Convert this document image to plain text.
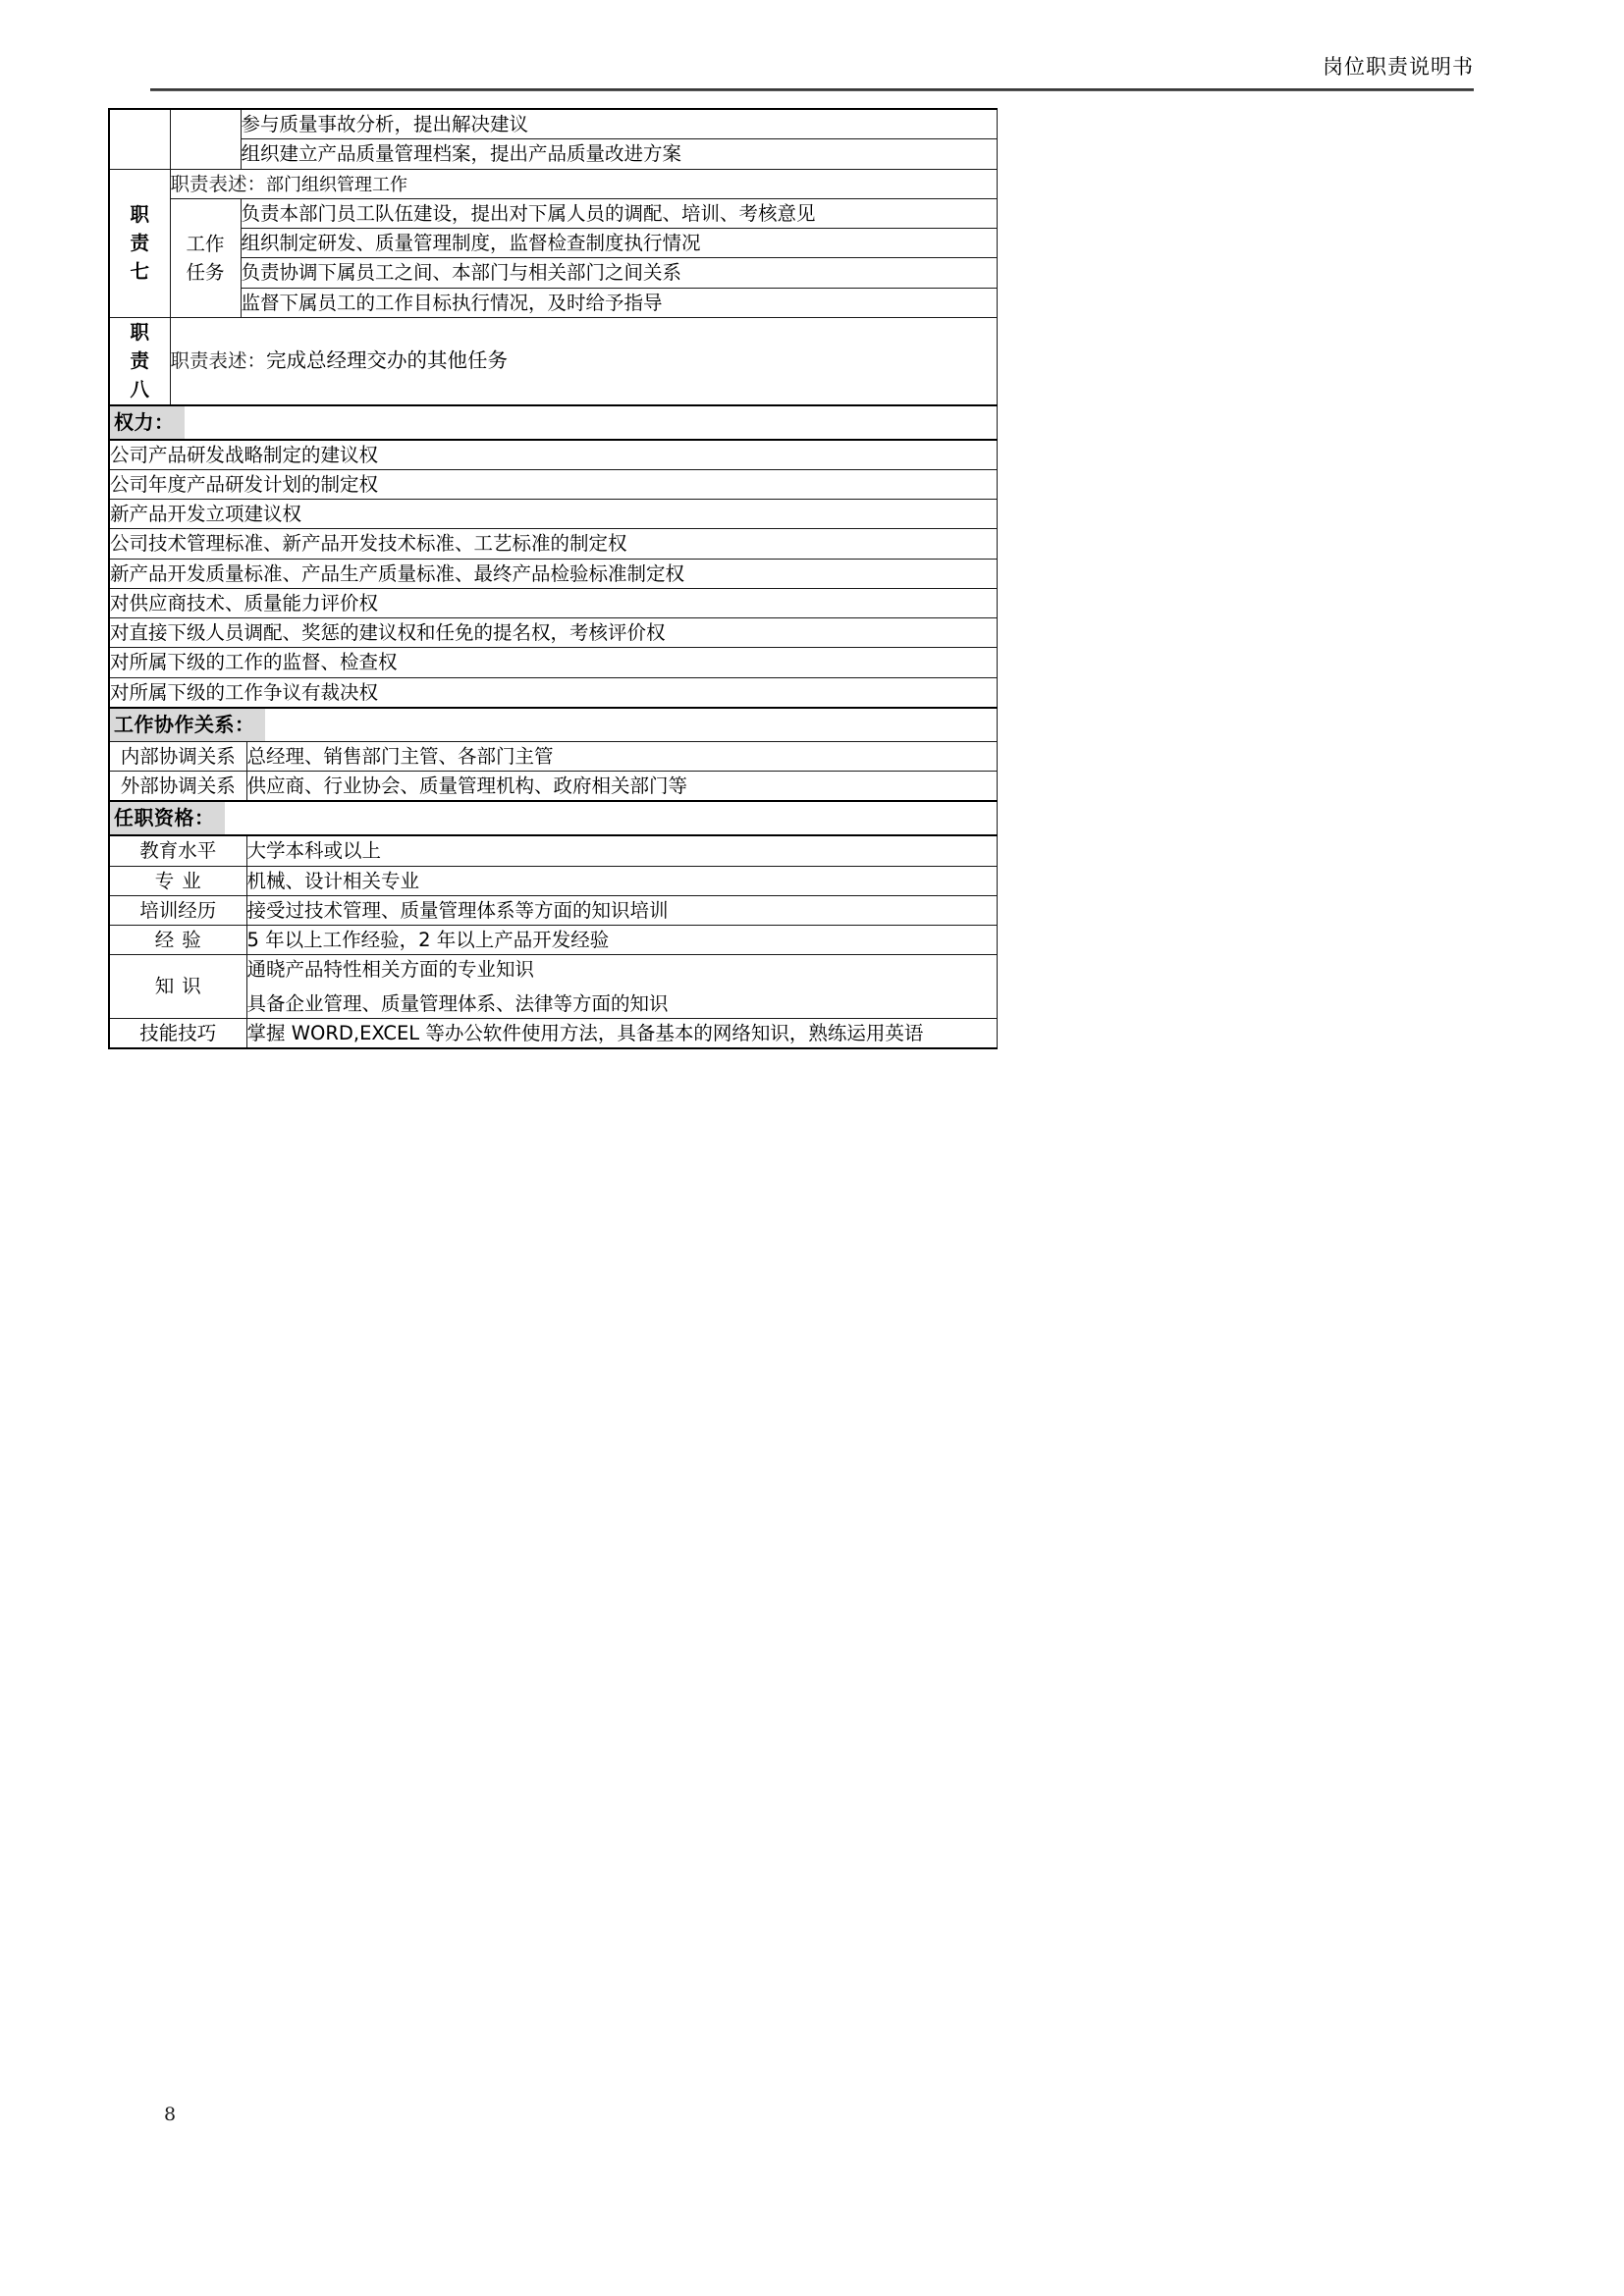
岗位职责说明书
		参与质量事故分析，提出解决建议
		组织建立产品质量管理档案，提出产品质量改进方案

职
责
七	职责表述：部门组织管理工作	

	工作
任务	负责本部门员工队伍建设，提出对下属人员的调配、培训、考核意见
		组织制定研发、质量管理制度，监督检查制度执行情况
		负责协调下属员工之间、本部门与相关部门之间关系
		监督下属员工的工作目标执行情况，及时给予指导

职
责
八	职责表述：完成总经理交办的其他任务	
权力：		
公司产品研发战略制定的建议权		
公司年度产品研发计划的制定权		
新产品开发立项建议权		
公司技术管理标准、新产品开发技术标准、工艺标准的制定权		
新产品开发质量标准、产品生产质量标准、最终产品检验标准制定权		
对供应商技术、质量能力评价权		
对直接下级人员调配、奖惩的建议权和任免的提名权，考核评价权		
对所属下级的工作的监督、检查权		
对所属下级的工作争议有裁决权		
工作协作关系：		
内部协调关系	总经理、销售部门主管、各部门主管
外部协调关系	供应商、行业协会、质量管理机构、政府相关部门等
任职资格：	
教育水平	大学本科或以上
专业	机械、设计相关专业
培训经历	接受过技术管理、质量管理体系等方面的知识培训
经验	5 年以上工作经验，2 年以上产品开发经验
知识	通晓产品特性相关方面的专业知识
具备企业管理、质量管理体系、法律等方面的知识

技能技巧	掌握 WORD,EXCEL 等办公软件使用方法，具备基本的网络知识，熟练运用英语
8
